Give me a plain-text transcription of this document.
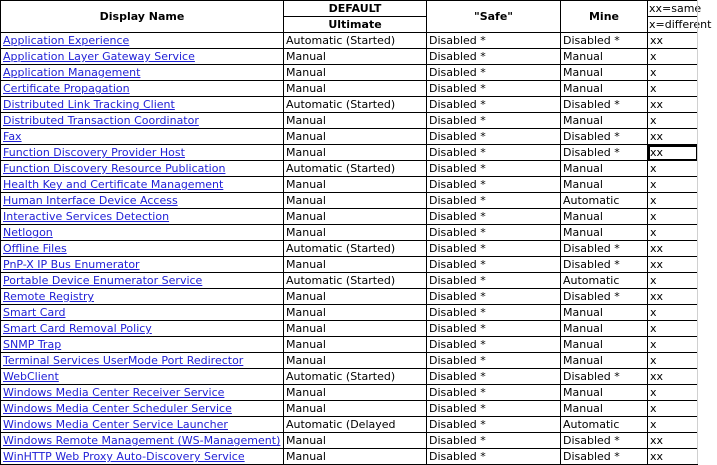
Display Name	DEFAULT	"Safe"	Mine	xx=same
	Ultimate			x=different
Application Experience	Automatic (Started)	Disabled *	Disabled *	xx
Application Layer Gateway Service	Manual	Disabled *	Manual	x
Application Management	Manual	Disabled *	Manual	x
Certificate Propagation	Manual	Disabled *	Manual	x
Distributed Link Tracking Client	Automatic (Started)	Disabled *	Disabled *	xx
Distributed Transaction Coordinator	Manual	Disabled *	Manual	x
Fax	Manual	Disabled *	Disabled *	xx
Function Discovery Provider Host	Manual	Disabled *	Disabled *	xx
Function Discovery Resource Publication	Automatic (Started)	Disabled *	Manual	x
Health Key and Certificate Management	Manual	Disabled *	Manual	x
Human Interface Device Access	Manual	Disabled *	Automatic	x
Interactive Services Detection	Manual	Disabled *	Manual	x
Netlogon	Manual	Disabled *	Manual	x
Offline Files	Automatic (Started)	Disabled *	Disabled *	xx
PnP-X IP Bus Enumerator	Manual	Disabled *	Disabled *	xx
Portable Device Enumerator Service	Automatic (Started)	Disabled *	Automatic	x
Remote Registry	Manual	Disabled *	Disabled *	xx
Smart Card	Manual	Disabled *	Manual	x
Smart Card Removal Policy	Manual	Disabled *	Manual	x
SNMP Trap	Manual	Disabled *	Manual	x
Terminal Services UserMode Port Redirector	Manual	Disabled *	Manual	x
WebClient	Automatic (Started)	Disabled *	Disabled *	xx
Windows Media Center Receiver Service	Manual	Disabled *	Manual	x
Windows Media Center Scheduler Service	Manual	Disabled *	Manual	x
Windows Media Center Service Launcher	Automatic (Delayed	Disabled *	Automatic	x
Windows Remote Management (WS-Management)	Manual	Disabled *	Disabled *	xx
WinHTTP Web Proxy Auto-Discovery Service	Manual	Disabled *	Disabled *	xx
